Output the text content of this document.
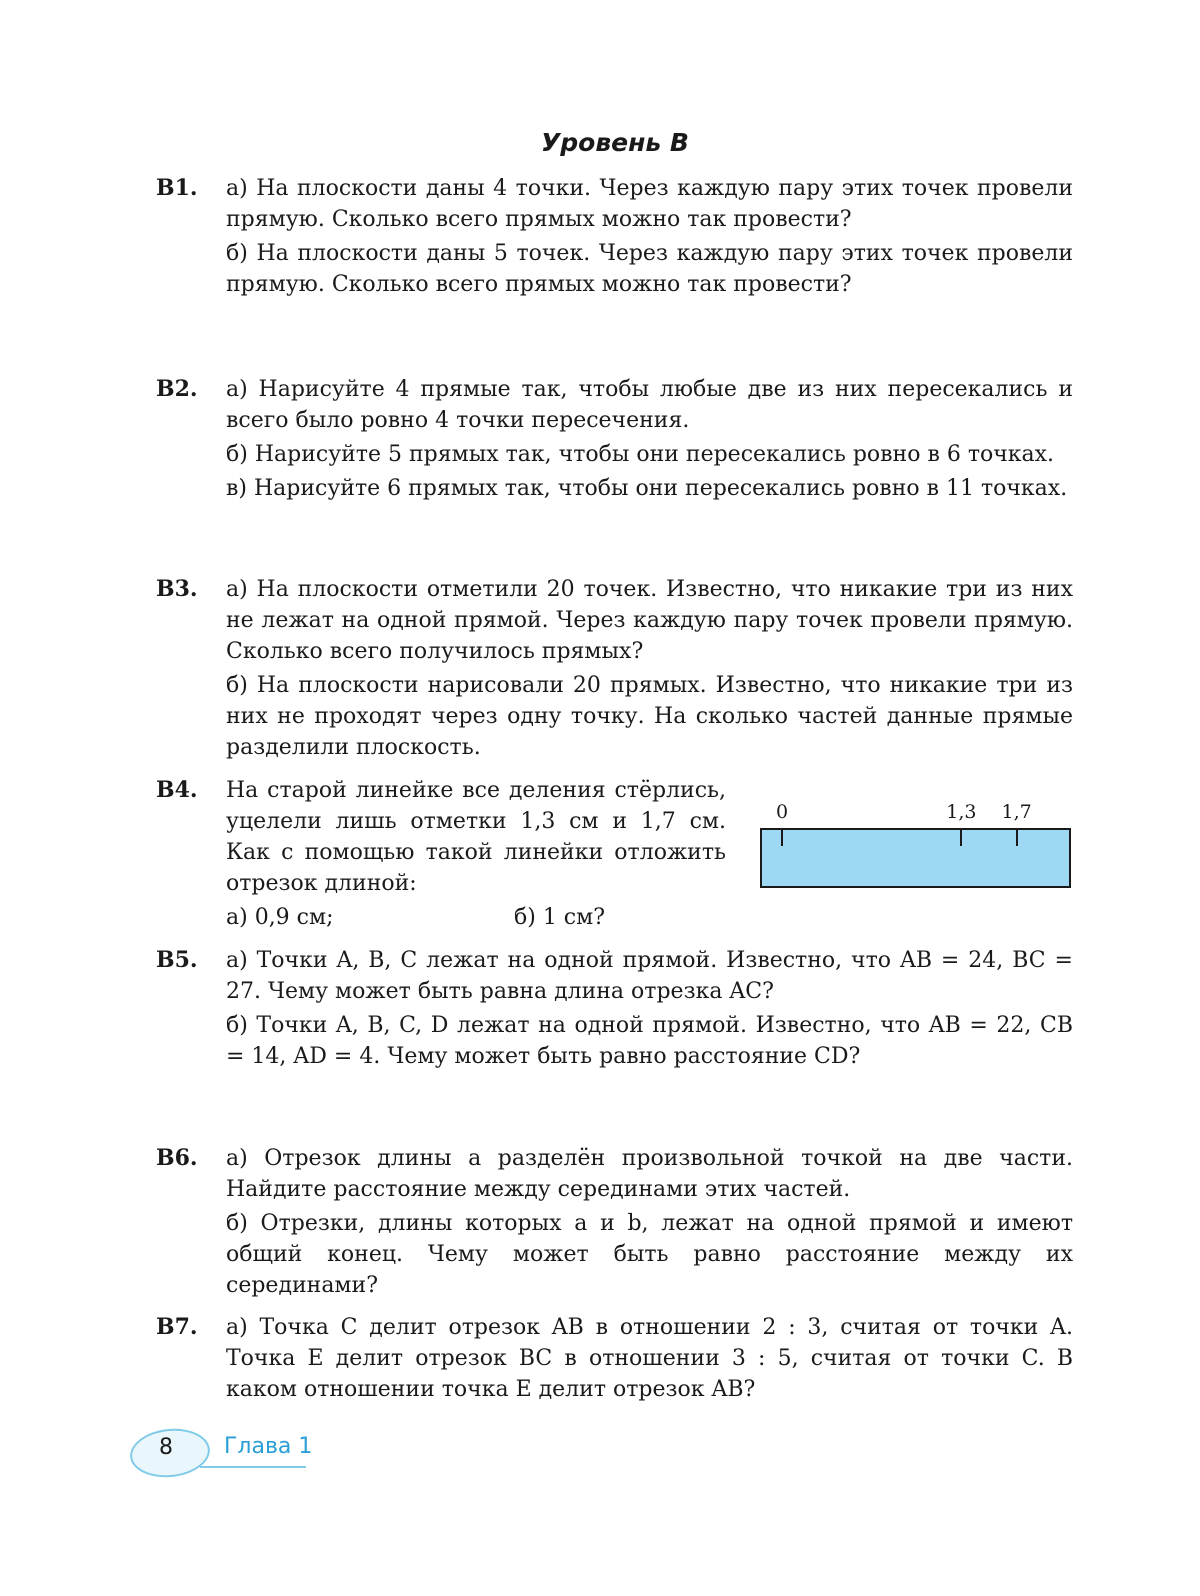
Уровень В
B1. а) На плоскости даны 4 точки. Через каждую пару этих точек провели прямую. Сколько всего прямых можно так провести?

б) На плоскости даны 5 точек. Через каждую пару этих точек провели прямую. Сколько всего прямых можно так провести?

B2. а) Нарисуйте 4 прямые так, чтобы любые две из них пересекались и всего было ровно 4 точки пересечения.

б) Нарисуйте 5 прямых так, чтобы они пересекались ровно в 6 точках.

в) Нарисуйте 6 прямых так, чтобы они пересекались ровно в 11 точках.

B3. а) На плоскости отметили 20 точек. Известно, что никакие три из них не лежат на одной прямой. Через каждую пару точек провели прямую. Сколько всего получилось прямых?

б) На плоскости нарисовали 20 прямых. Известно, что никакие три из них не проходят через одну точку. На сколько частей данные прямые разделили плоскость.

B4. На старой линейке все деления стёрлись, уцелели лишь отметки 1,3 см и 1,7 см. Как с помощью такой линейки отложить отрезок длиной:

а) 0,9 см;	б) 1 см?
0	1,3 1,7
B5. а) Точки A, B, C лежат на одной прямой. Известно, что AB = 24, BC = 27. Чему может быть равна длина отрезка AC?

б) Точки A, B, C, D лежат на одной прямой. Известно, что AB = 22, CB = 14, AD = 4. Чему может быть равно расстояние CD?

B6. а) Отрезок длины a разделён произвольной точкой на две части. Найдите расстояние между серединами этих частей.

б) Отрезки, длины которых a и b, лежат на одной прямой и имеют общий конец. Чему может быть равно расстояние между их серединами?

B7. а) Точка C делит отрезок AB в отношении 2 : 3, считая от точки A. Точка E делит отрезок BC в отношении 3 : 5, считая от точки C. В каком отношении точка E делит отрезок AB?

8	Глава 1
